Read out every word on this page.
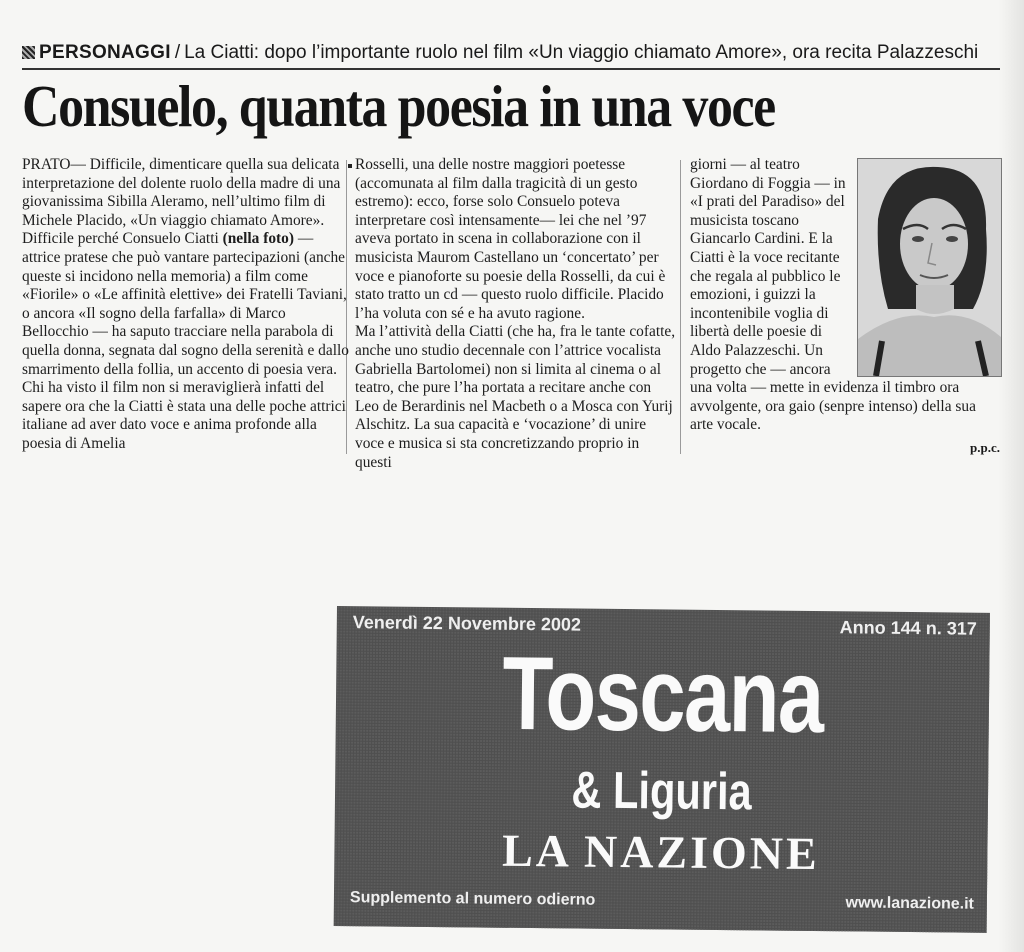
PERSONAGGI / La Ciatti: dopo l’importante ruolo nel film «Un viaggio chiamato Amore», ora recita Palazzeschi
Consuelo, quanta poesia in una voce

PRATO— Difficile, dimenticare quella sua delicata interpretazione del dolente ruolo della madre di una giovanissima Sibilla Aleramo, nell’ultimo film di Michele Placido, «Un viaggio chiamato Amore». Difficile perché Consuelo Ciatti (nella foto) — attrice pratese che può vantare partecipazioni (anche queste si incidono nella memoria) a film come «Fiorile» o «Le affinità elettive» dei Fratelli Taviani, o ancora «Il sogno della farfalla» di Marco Bellocchio — ha saputo tracciare nella parabola di quella donna, segnata dal sogno della serenità e dallo smarrimento della follia, un accento di poesia vera.

Chi ha visto il film non si meraviglierà infatti del sapere ora che la Ciatti è stata una delle poche attrici italiane ad aver dato voce e anima profonde alla poesia di Amelia

Rosselli, una delle nostre maggiori poetesse (accomunata al film dalla tragicità di un gesto estremo): ecco, forse solo Consuelo poteva interpretare così intensamente— lei che nel ’97 aveva portato in scena in collaborazione con il musicista Maurom Castellano un ‘concertato’ per voce e pianoforte su poesie della Rosselli, da cui è stato tratto un cd — questo ruolo difficile. Placido l’ha voluta con sé e ha avuto ragione.

Ma l’attività della Ciatti (che ha, fra le tante cofatte, anche uno studio decennale con l’attrice vocalista Gabriella Bartolomei) non si limita al cinema o al teatro, che pure l’ha portata a recitare anche con Leo de Berardinis nel Macbeth o a Mosca con Yurij Alschitz. La sua capacità e ‘vocazione’ di unire voce e musica si sta concretizzando proprio in questi

giorni — al teatro Giordano di Foggia — in «I prati del Paradiso» del musicista toscano Giancarlo Cardini. E la Ciatti è la voce recitante che regala al pubblico le emozioni, i guizzi la incontenibile voglia di libertà delle poesie di Aldo Palazzeschi. Un progetto che — ancora

una volta — mette in evidenza il timbro ora avvolgente, ora gaio (senpre intenso) della sua arte vocale.

p.p.c.
Venerdì 22 Novembre 2002	Anno 144 n. 317
Toscana
& Liguria
LA NAZIONE
Supplemento al numero odierno	www.lanazione.it
